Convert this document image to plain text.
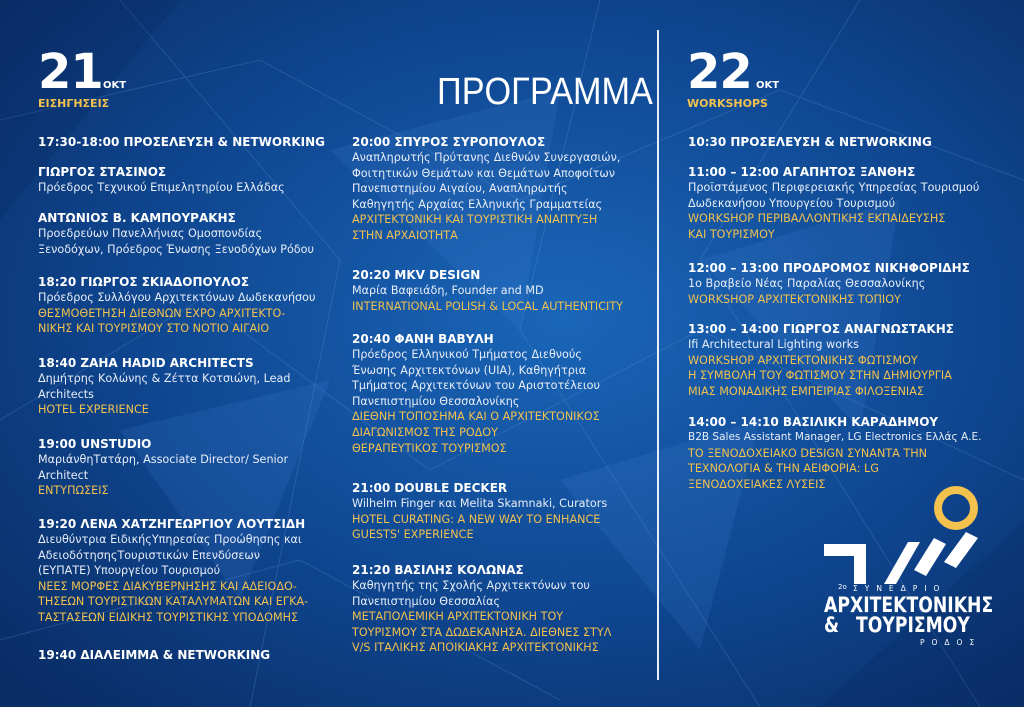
21 ΟΚΤ
ΕΙΣΗΓΗΣΕΙΣ	ΠΡΟΓΡΑΜΜΑ 22 ΟΚΤ
WORKSHOPS
17:30-18:00 ΠΡΟΣΕΛΕΥΣΗ & NETWORKING
ΓΙΩΡΓΟΣ ΣΤΑΣΙΝΟΣ
Πρόεδρος Τεχνικού Επιμελητηρίου Ελλάδας
ΑΝΤΩΝΙΟΣ Β. ΚΑΜΠΟΥΡΑΚΗΣ
Προεδρεύων Πανελλήνιας Ομοσπονδίας
Ξενοδόχων, Πρόεδρος Ένωσης Ξενοδόχων Ρόδου
18:20 ΓΙΩΡΓΟΣ ΣΚΙΑΔΟΠΟΥΛΟΣ
Πρόεδρος Συλλόγου Αρχιτεκτόνων Δωδεκανήσου
ΘΕΣΜΟΘΕΤΗΣΗ ΔΙΕΘΝΩΝ EXPO ΑΡΧΙΤΕΚΤΟ-
ΝΙΚΗΣ ΚΑΙ ΤΟΥΡΙΣΜΟΥ ΣΤΟ ΝΟΤΙΟ ΑΙΓΑΙΟ
18:40 ZAHA HADID ARCHITECTS
Δημήτρης Κολώνης & Ζέττα Κοτσιώνη, Lead
Architects
HOTEL EXPERIENCE
19:00 UNSTUDIO
ΜαριάνθηΤατάρη, Associate Director/ Senior
Architect
ΕΝΤΥΠΩΣΕΙΣ
19:20 ΛΕΝΑ ΧΑΤΖΗΓΕΩΡΓΙΟΥ ΛΟΥΤΣΙΔΗ
Διευθύντρια ΕιδικήςΥπηρεσίας Προώθησης και
ΑδειοδότησηςΤουριστικών Επενδύσεων
(ΕΥΠΑΤΕ) Υπουργείου Τουρισμού
ΝΕΕΣ ΜΟΡΦΕΣ ΔΙΑΚΥΒΕΡΝΗΣΗΣ ΚΑΙ ΑΔΕΙΟΔΟ-
ΤΗΣΕΩΝ ΤΟΥΡΙΣΤΙΚΩΝ ΚΑΤΑΛΥΜΑΤΩΝ ΚΑΙ ΕΓΚΑ-
ΤΑΣΤΑΣΕΩΝ ΕΙΔΙΚΗΣ ΤΟΥΡΙΣΤΙΚΗΣ ΥΠΟΔΟΜΗΣ
19:40 ΔΙΑΛΕΙΜΜΑ & NETWORKING
20:00 ΣΠΥΡΟΣ ΣΥΡΟΠΟΥΛΟΣ
Αναπληρωτής Πρύτανης Διεθνών Συνεργασιών,
Φοιτητικών Θεμάτων και Θεμάτων Αποφοίτων
Πανεπιστημίου Αιγαίου, Αναπληρωτής
Καθηγητής Αρχαίας Ελληνικής Γραμματείας
ΑΡΧΙΤΕΚΤΟΝΙΚΗ ΚΑΙ ΤΟΥΡΙΣΤΙΚΗ ΑΝΑΠΤΥΞΗ
ΣΤΗΝ ΑΡΧΑΙΟΤΗΤΑ
20:20 MKV DESIGN
Μαρία Βαφειάδη, Founder and MD
INTERNATIONAL POLISH & LOCAL AUTHENTICITY
20:40 ΦΑΝΗ ΒΑΒΥΛΗ
Πρόεδρος Ελληνικού Τμήματος Διεθνούς
Ένωσης Αρχιτεκτόνων (UIA), Καθηγήτρια
Τμήματος Αρχιτεκτόνων του Αριστοτέλειου
Πανεπιστημίου Θεσσαλονίκης
ΔΙΕΘΝΗ ΤΟΠΟΣΗΜΑ ΚΑΙ Ο ΑΡΧΙΤΕΚΤΟΝΙΚΟΣ
ΔΙΑΓΩΝΙΣΜΟΣ ΤΗΣ ΡΟΔΟΥ
ΘΕΡΑΠΕΥΤΙΚΟΣ ΤΟΥΡΙΣΜΟΣ
21:00 DOUBLE DECKER
Wilhelm Finger και Melita Skamnaki, Curators
HOTEL CURATING: A NEW WAY TO ENHANCE
GUESTS' EXPERIENCE
21:20 ΒΑΣΙΛΗΣ ΚΟΛΩΝΑΣ
Καθηγητής της Σχολής Αρχιτεκτόνων του
Πανεπιστημίου Θεσσαλίας
ΜΕΤΑΠΟΛΕΜΙΚΗ ΑΡΧΙΤΕΚΤΟΝΙΚΗ ΤΟΥ
ΤΟΥΡΙΣΜΟΥ ΣΤΑ ΔΩΔΕΚΑΝΗΣΑ. ΔΙΕΘΝΕΣ ΣΤΥΛ
V/S ΙΤΑΛΙΚΗΣ ΑΠΟΙΚΙΑΚΗΣ ΑΡΧΙΤΕΚΤΟΝΙΚΗΣ
10:30 ΠΡΟΣΕΛΕΥΣΗ & NETWORKING
11:00 – 12:00 ΑΓΑΠΗΤΟΣ ΞΑΝΘΗΣ
Προϊστάμενος Περιφερειακής Υπηρεσίας Τουρισμού
Δωδεκανήσου Υπουργείου Τουρισμού
WORKSHOP ΠΕΡΙΒΑΛΛΟΝΤΙΚΗΣ ΕΚΠΑΙΔΕΥΣΗΣ
ΚΑΙ ΤΟΥΡΙΣΜΟΥ
12:00 – 13:00 ΠΡΟΔΡΟΜΟΣ ΝΙΚΗΦΟΡΙΔΗΣ
1ο Βραβείο Νέας Παραλίας Θεσσαλονίκης
WORKSHOP ΑΡΧΙΤΕΚΤΟΝΙΚΗΣ ΤΟΠΙΟΥ
13:00 – 14:00 ΓΙΩΡΓΟΣ ΑΝΑΓΝΩΣΤΑΚΗΣ
Ifi Architectural Lighting works
WORKSHOP ΑΡΧΙΤΕΚΤΟΝΙΚΗΣ ΦΩΤΙΣΜΟΥ
Η ΣΥΜΒΟΛΗ ΤΟΥ ΦΩΤΙΣΜΟΥ ΣΤΗΝ ΔΗΜΙΟΥΡΓΙΑ
ΜΙΑΣ ΜΟΝΑΔΙΚΗΣ ΕΜΠΕΙΡΙΑΣ ΦΙΛΟΞΕΝΙΑΣ
14:00 – 14:10 ΒΑΣΙΛΙΚΗ ΚΑΡΑΔΗΜΟΥ
B2B Sales Assistant Manager, LG Electronics Ελλάς Α.Ε.
ΤΟ ΞΕΝΟΔΟΧΕΙΑΚΟ DESIGN ΣΥΝΑΝΤΑ ΤΗΝ
ΤΕΧΝΟΛΟΓΙΑ & ΤΗΝ ΑΕΙΦΟΡΙΑ: LG
ΞΕΝΟΔΟΧΕΙΑΚΕΣ ΛΥΣΕΙΣ
2ο ΣΥΝΕΔΡΙΟ
ΑΡΧΙΤΕΚΤΟΝΙΚΗΣ
& ΤΟΥΡΙΣΜΟΥ
ΡΟΔΟΣ
